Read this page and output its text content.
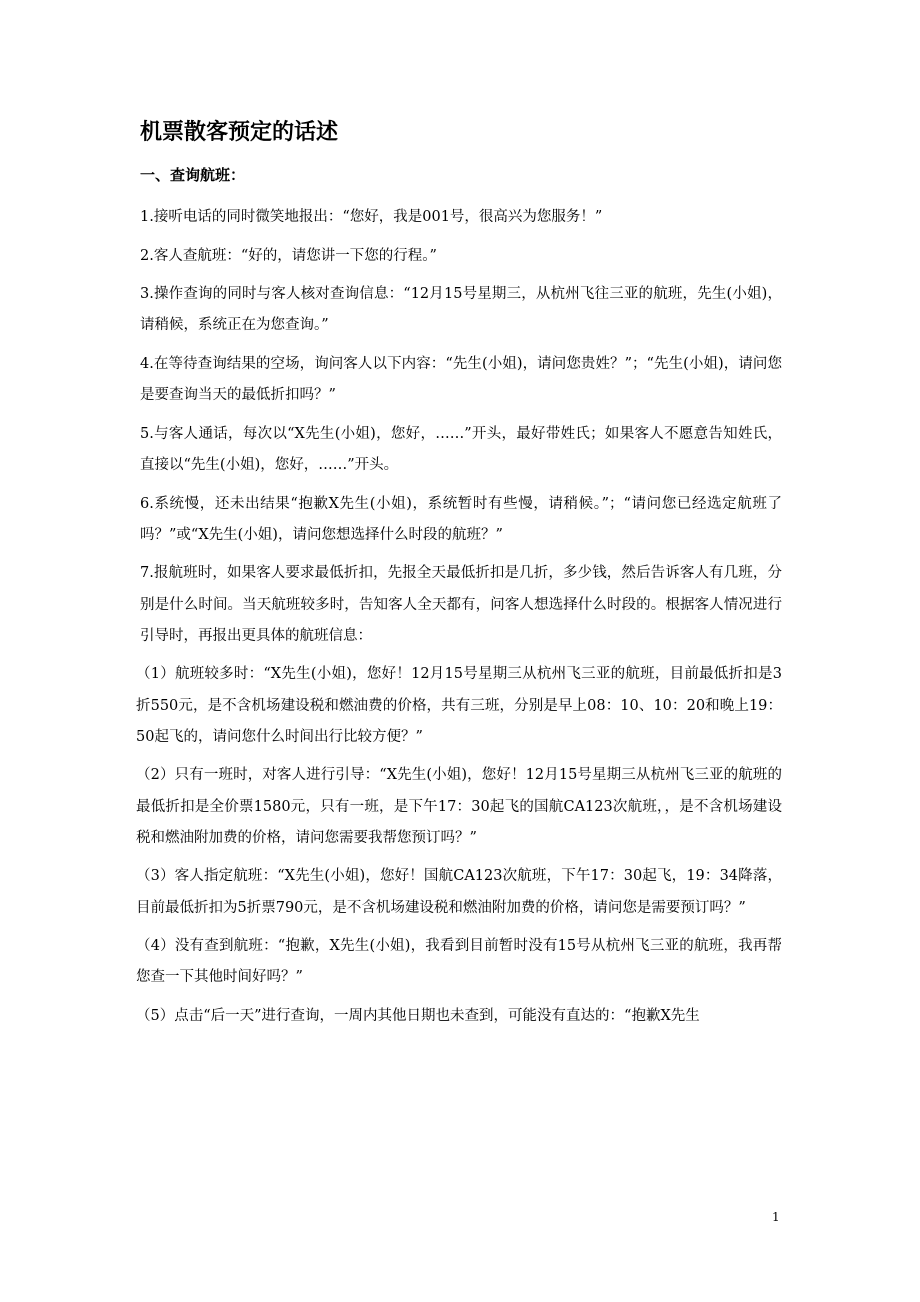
机票散客预定的话述
一、查询航班：

1.接听电话的同时微笑地报出：“您好，我是001号，很高兴为您服务！”

2.客人查航班：“好的，请您讲一下您的行程。”

3.操作查询的同时与客人核对查询信息：“12月15号星期三，从杭州飞往三亚的航班，先生(小姐)，请稍候，系统正在为您查询。”

4.在等待查询结果的空场，询问客人以下内容：“先生(小姐)，请问您贵姓？”；“先生(小姐)，请问您是要查询当天的最低折扣吗？”

5.与客人通话，每次以“X先生(小姐)，您好，……”开头，最好带姓氏；如果客人不愿意告知姓氏，直接以“先生(小姐)，您好，……”开头。

6.系统慢，还未出结果“抱歉X先生(小姐)，系统暂时有些慢，请稍候。”；“请问您已经选定航班了吗？”或“X先生(小姐)，请问您想选择什么时段的航班？”

7.报航班时，如果客人要求最低折扣，先报全天最低折扣是几折，多少钱，然后告诉客人有几班，分别是什么时间。当天航班较多时，告知客人全天都有，问客人想选择什么时段的。根据客人情况进行引导时，再报出更具体的航班信息：

（1）航班较多时：“X先生(小姐)，您好！12月15号星期三从杭州飞三亚的航班，目前最低折扣是3折550元，是不含机场建设税和燃油费的价格，共有三班，分别是早上08：10、10：20和晚上19：50起飞的，请问您什么时间出行比较方便？”

（2）只有一班时，对客人进行引导：“X先生(小姐)，您好！12月15号星期三从杭州飞三亚的航班的最低折扣是全价票1580元，只有一班，是下午17：30起飞的国航CA123次航班，，是不含机场建设税和燃油附加费的价格，请问您需要我帮您预订吗？”

（3）客人指定航班：“X先生(小姐)，您好！国航CA123次航班，下午17：30起飞，19：34降落，目前最低折扣为5折票790元，是不含机场建设税和燃油附加费的价格，请问您是需要预订吗？”

（4）没有查到航班：“抱歉，X先生(小姐)，我看到目前暂时没有15号从杭州飞三亚的航班，我再帮您查一下其他时间好吗？”

（5）点击“后一天”进行查询，一周内其他日期也未查到，可能没有直达的：“抱歉X先生

1
